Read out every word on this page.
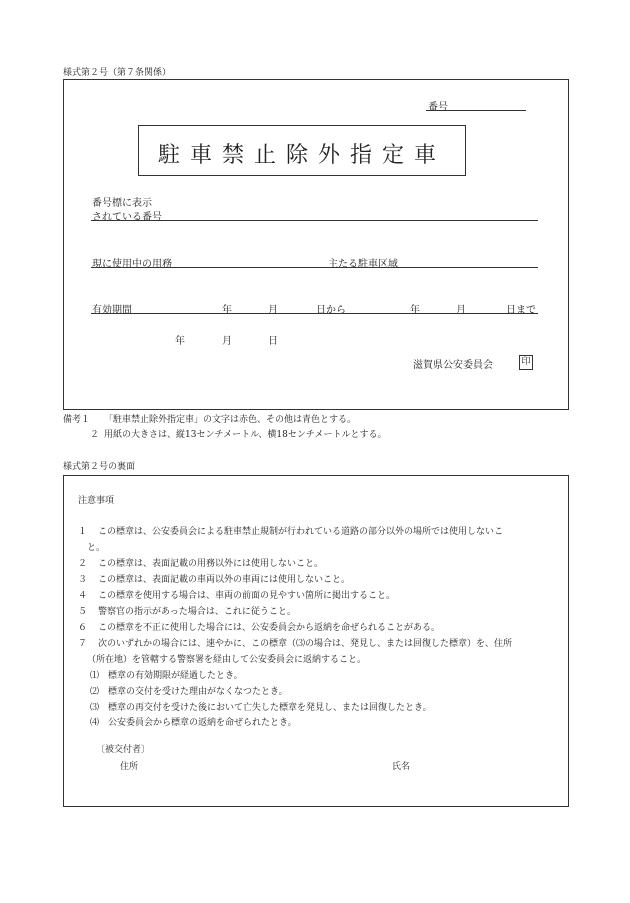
様式第２号（第７条関係）
番号
駐車禁止除外指定車
番号標に表示
されている番号
現に使用中の用務	主たる駐車区域
有効期間	年	月	日から	年	月	日まで
年	月	日
滋賀県公安委員会	印
備考１ 「駐車禁止除外指定車」の文字は赤色、その他は青色とする。
２ 用紙の大きさは、縦13センチメートル、横18センチメートルとする。
様式第２号の裏面
注意事項
１ この標章は、公安委員会による駐車禁止規制が行われている道路の部分以外の場所では使用しないこ
と。
２ この標章は、表面記載の用務以外には使用しないこと。
３ この標章は、表面記載の車両以外の車両には使用しないこと。
４ この標章を使用する場合は、車両の前面の見やすい箇所に掲出すること。
５ 警察官の指示があった場合は、これに従うこと。
６ この標章を不正に使用した場合には、公安委員会から返納を命ぜられることがある。
７ 次のいずれかの場合には、速やかに、この標章（⑶の場合は、発見し、または回復した標章）を、住所
（所在地）を管轄する警察署を経由して公安委員会に返納すること。
⑴ 標章の有効期限が経過したとき。
⑵ 標章の交付を受けた理由がなくなつたとき。
⑶ 標章の再交付を受けた後において亡失した標章を発見し、または回復したとき。
⑷ 公安委員会から標章の返納を命ぜられたとき。
〔被交付者〕
住所	氏名
